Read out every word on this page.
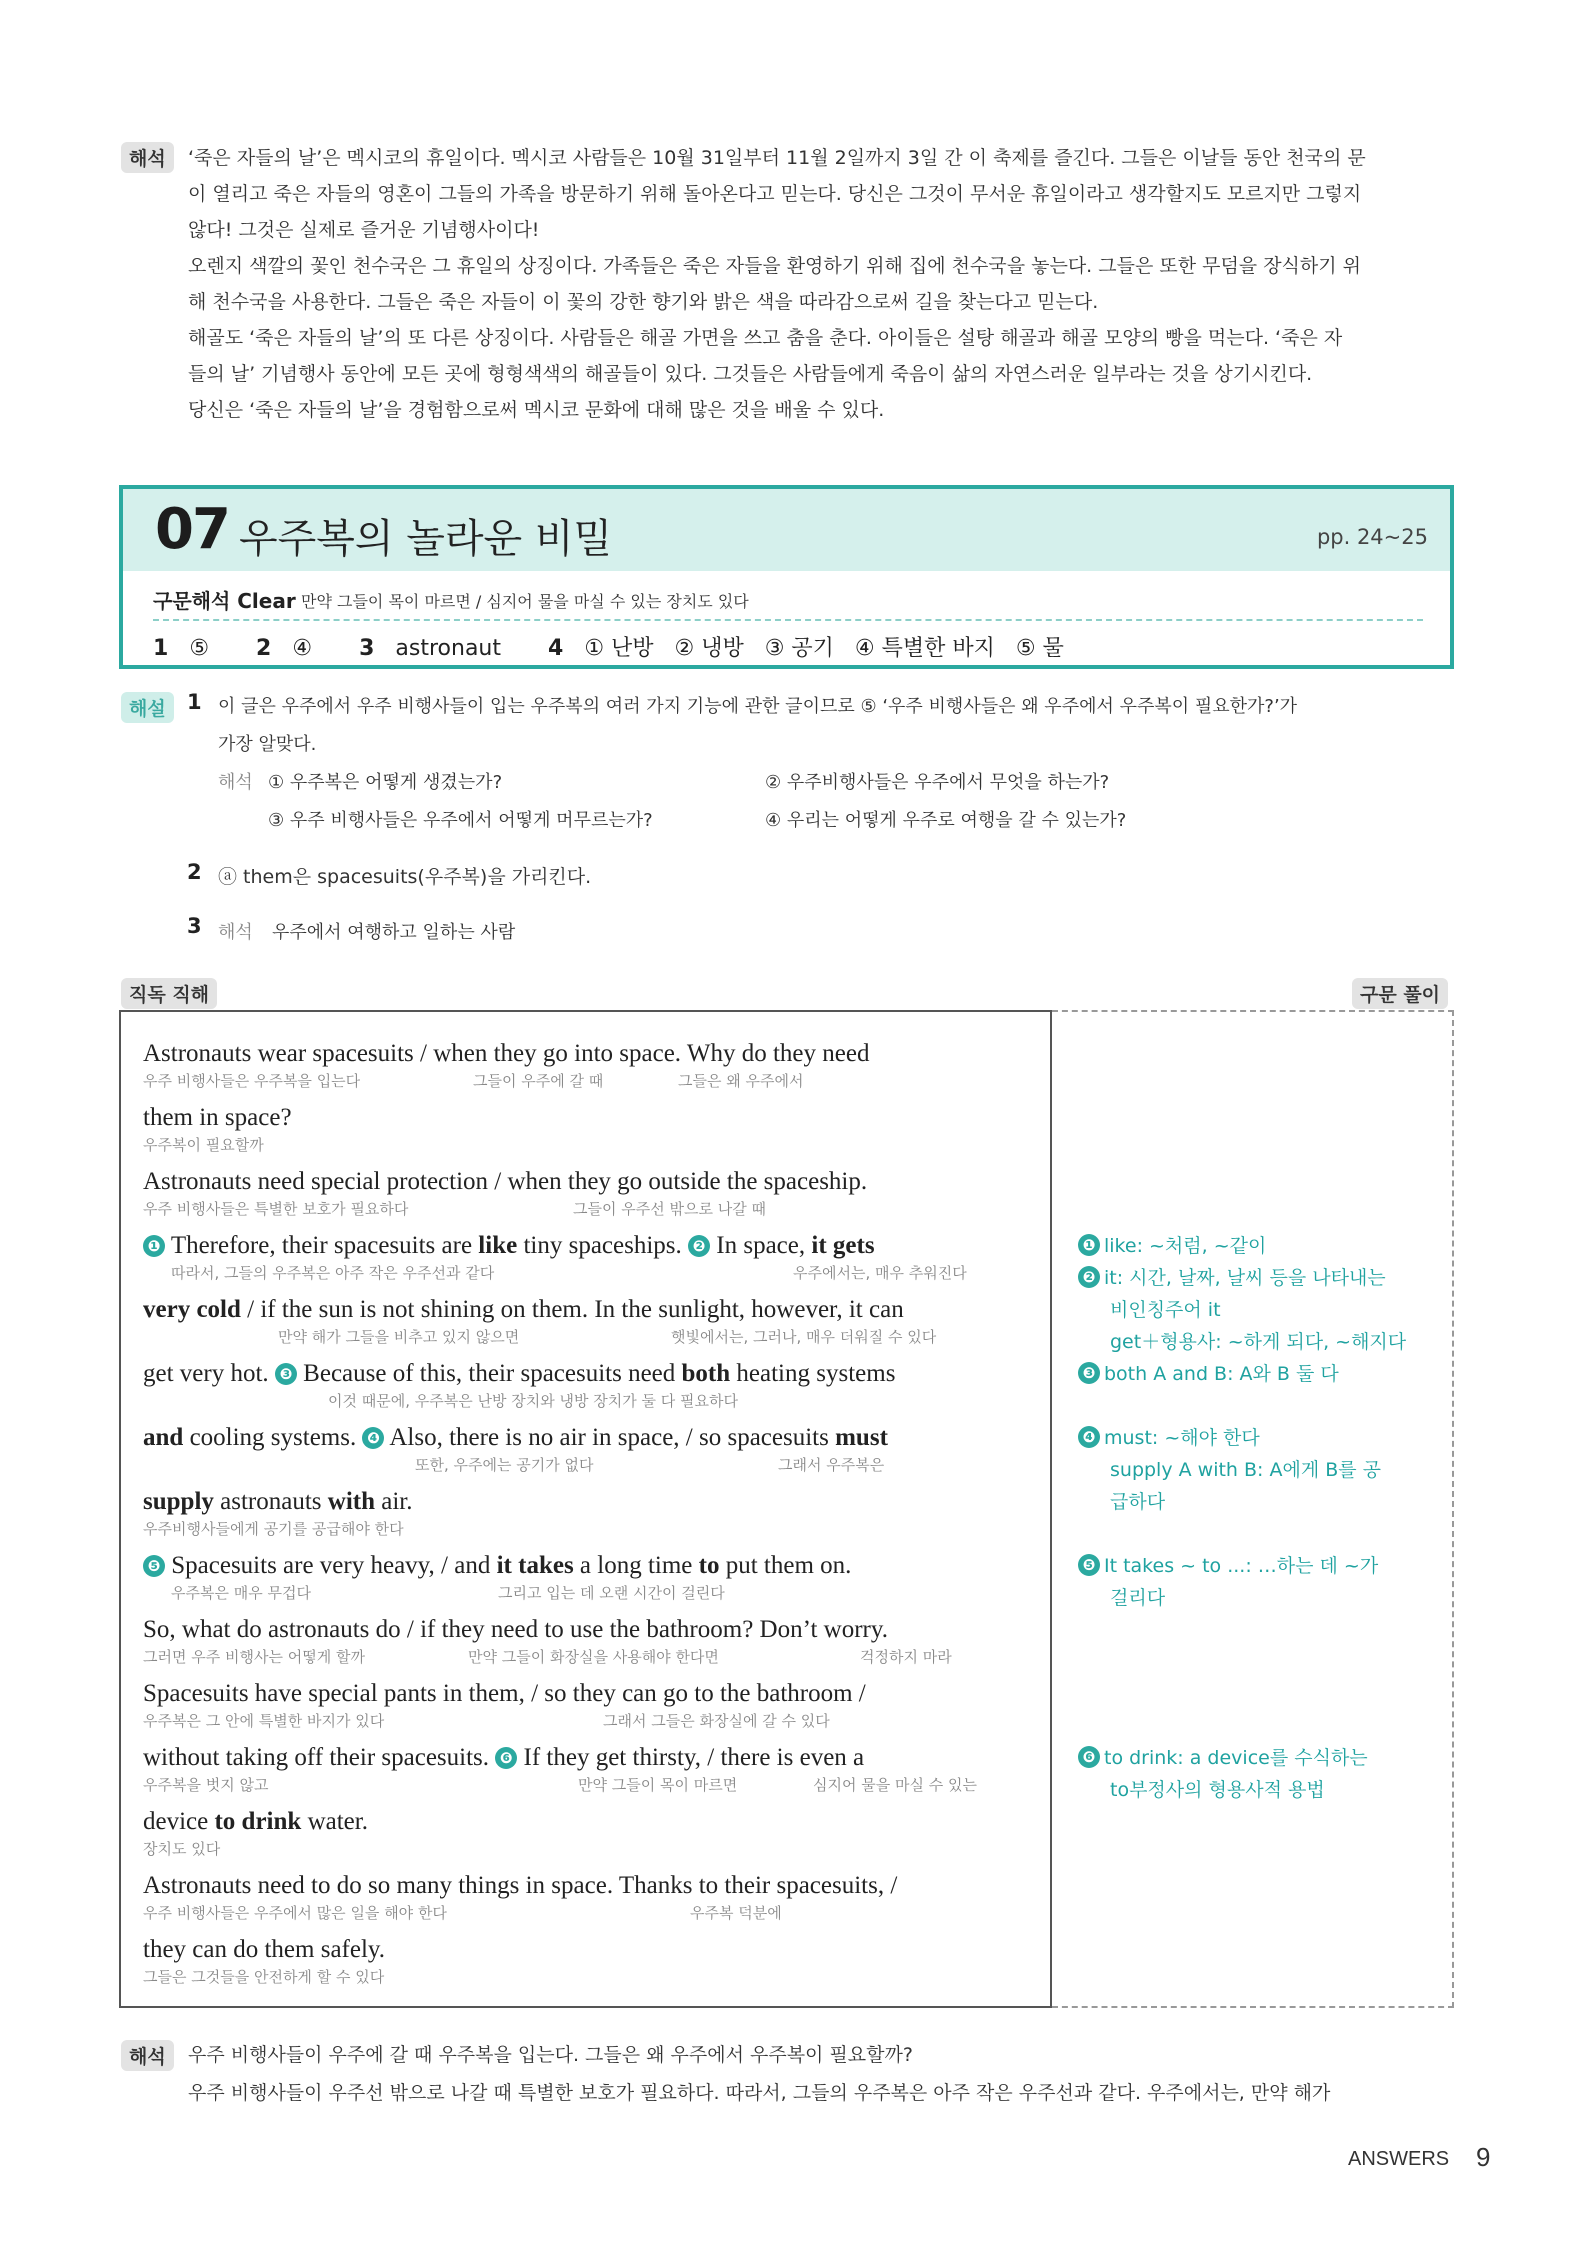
해석	‘죽은 자들의 날’은 멕시코의 휴일이다. 멕시코 사람들은 10월 31일부터 11월 2일까지 3일 간 이 축제를 즐긴다. 그들은 이날들 동안 천국의 문
이 열리고 죽은 자들의 영혼이 그들의 가족을 방문하기 위해 돌아온다고 믿는다. 당신은 그것이 무서운 휴일이라고 생각할지도 모르지만 그렇지
않다! 그것은 실제로 즐거운 기념행사이다!
오렌지 색깔의 꽃인 천수국은 그 휴일의 상징이다. 가족들은 죽은 자들을 환영하기 위해 집에 천수국을 놓는다. 그들은 또한 무덤을 장식하기 위
해 천수국을 사용한다. 그들은 죽은 자들이 이 꽃의 강한 향기와 밝은 색을 따라감으로써 길을 찾는다고 믿는다.
해골도 ‘죽은 자들의 날’의 또 다른 상징이다. 사람들은 해골 가면을 쓰고 춤을 춘다. 아이들은 설탕 해골과 해골 모양의 빵을 먹는다. ‘죽은 자
들의 날’ 기념행사 동안에 모든 곳에 형형색색의 해골들이 있다. 그것들은 사람들에게 죽음이 삶의 자연스러운 일부라는 것을 상기시킨다.
당신은 ‘죽은 자들의 날’을 경험함으로써 멕시코 문화에 대해 많은 것을 배울 수 있다.
07 우주복의 놀라운 비밀	pp. 24~25
구문해석 Clear 만약 그들이 목이 마르면 / 심지어 물을 마실 수 있는 장치도 있다
1 ⑤ 2 ④ 3 astronaut 4 ① 난방   ② 냉방   ③ 공기   ④ 특별한 바지   ⑤ 물
해설	1 이 글은 우주에서 우주 비행사들이 입는 우주복의 여러 가지 기능에 관한 글이므로 ⑤ ‘우주 비행사들은 왜 우주에서 우주복이 필요한가?’가
가장 알맞다.
해석 ① 우주복은 어떻게 생겼는가?	② 우주비행사들은 우주에서 무엇을 하는가?
③ 우주 비행사들은 우주에서 어떻게 머무르는가?	④ 우리는 어떻게 우주로 여행을 갈 수 있는가?
2 ⓐ them은 spacesuits(우주복)을 가리킨다.
3 해석 우주에서 여행하고 일하는 사람
직독 직해	구문 풀이
Astronauts wear spacesuits / when they go into space. Why do they need
우주 비행사들은 우주복을 입는다	그들이 우주에 갈 때	그들은 왜 우주에서
them in space?
우주복이 필요할까
Astronauts need special protection / when they go outside the spaceship.
우주 비행사들은 특별한 보호가 필요하다	그들이 우주선 밖으로 나갈 때
❶ Therefore, their spacesuits are like tiny spaceships. ❷ In space, it gets
따라서, 그들의 우주복은 아주 작은 우주선과 같다	우주에서는, 매우 추워진다
very cold / if the sun is not shining on them. In the sunlight, however, it can
만약 해가 그들을 비추고 있지 않으면	햇빛에서는, 그러나, 매우 더워질 수 있다
get very hot. ❸ Because of this, their spacesuits need both heating systems
이것 때문에, 우주복은 난방 장치와 냉방 장치가 둘 다 필요하다
and cooling systems. ❹ Also, there is no air in space, / so spacesuits must
또한, 우주에는 공기가 없다	그래서 우주복은
supply astronauts with air.
우주비행사들에게 공기를 공급해야 한다
❺ Spacesuits are very heavy, / and it takes a long time to put them on.
우주복은 매우 무겁다	그리고 입는 데 오랜 시간이 걸린다
So, what do astronauts do / if they need to use the bathroom? Don’t worry.
그러면 우주 비행사는 어떻게 할까	만약 그들이 화장실을 사용해야 한다면	걱정하지 마라
Spacesuits have special pants in them, / so they can go to the bathroom /
우주복은 그 안에 특별한 바지가 있다	그래서 그들은 화장실에 갈 수 있다
without taking off their spacesuits. ❻ If they get thirsty, / there is even a
우주복을 벗지 않고	만약 그들이 목이 마르면	심지어 물을 마실 수 있는
device to drink water.
장치도 있다
Astronauts need to do so many things in space. Thanks to their spacesuits, /
우주 비행사들은 우주에서 많은 일을 해야 한다	우주복 덕분에
they can do them safely.
그들은 그것들을 안전하게 할 수 있다
❶ like: ~처럼, ~같이
❷ it: 시간, 날짜, 날씨 등을 나타내는
비인칭주어 it
get＋형용사: ~하게 되다, ~해지다
❸ both A and B: A와 B 둘 다
❹ must: ~해야 한다
supply A with B: A에게 B를 공
급하다
❺ It takes ~ to ...: …하는 데 ~가
걸리다
❻ to drink: a device를 수식하는
to부정사의 형용사적 용법
해석	우주 비행사들이 우주에 갈 때 우주복을 입는다. 그들은 왜 우주에서 우주복이 필요할까?
우주 비행사들이 우주선 밖으로 나갈 때 특별한 보호가 필요하다. 따라서, 그들의 우주복은 아주 작은 우주선과 같다. 우주에서는, 만약 해가
ANSWERS 9
